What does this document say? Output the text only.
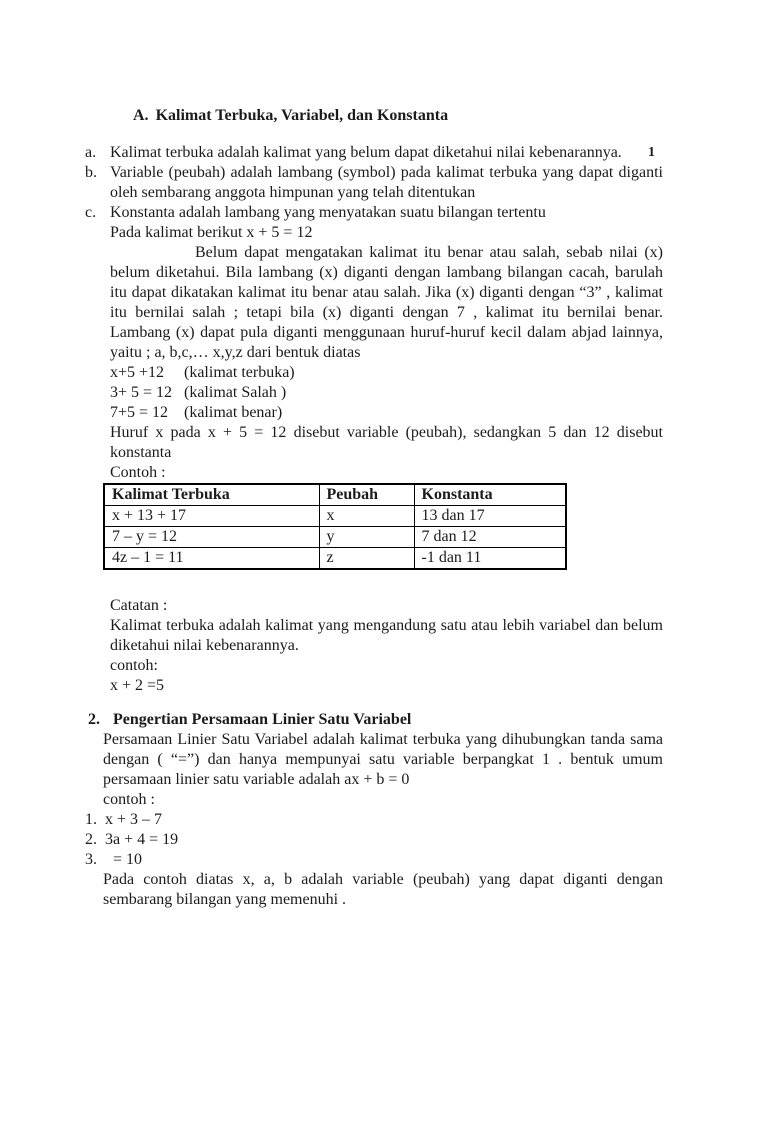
1
A. Kalimat Terbuka, Variabel, dan Konstanta
a. Kalimat terbuka adalah kalimat yang belum dapat diketahui nilai kebenarannya.
b. Variable (peubah) adalah lambang (symbol) pada kalimat terbuka yang dapat diganti oleh sembarang anggota himpunan yang telah ditentukan
c. Konstanta adalah lambang yang menyatakan suatu bilangan tertentu
Pada kalimat berikut x + 5 = 12
Belum dapat mengatakan kalimat itu benar atau salah, sebab nilai (x) belum diketahui. Bila lambang (x) diganti dengan lambang bilangan cacah, barulah itu dapat dikatakan kalimat itu benar atau salah. Jika (x) diganti dengan “3” , kalimat itu bernilai salah ; tetapi bila (x) diganti dengan 7 , kalimat itu bernilai benar. Lambang (x) dapat pula diganti menggunaan huruf-huruf kecil dalam abjad lainnya, yaitu ; a, b,c,… x,y,z dari bentuk diatas
x+5 +12 (kalimat terbuka)
3+ 5 = 12 (kalimat Salah )
7+5 = 12 (kalimat benar)
Huruf x pada x + 5 = 12 disebut variable (peubah), sedangkan 5 dan 12 disebut konstanta
Contoh :
Kalimat Terbuka	Peubah	Konstanta
x + 13 + 17	x	13 dan 17
7 – y = 12	y	7 dan 12
4z – 1 = 11	z	-1 dan 11
Catatan :
Kalimat terbuka adalah kalimat yang mengandung satu atau lebih variabel dan belum diketahui nilai kebenarannya.
contoh:
x + 2 =5
2. Pengertian Persamaan Linier Satu Variabel
Persamaan Linier Satu Variabel adalah kalimat terbuka yang dihubungkan tanda sama dengan ( “=”) dan hanya mempunyai satu variable berpangkat 1 . bentuk umum persamaan linier satu variable adalah ax + b = 0
contoh :
1. x + 3 – 7
2. 3a + 4 = 19
3. = 10
Pada contoh diatas x, a, b adalah variable (peubah) yang dapat diganti dengan sembarang bilangan yang memenuhi .
